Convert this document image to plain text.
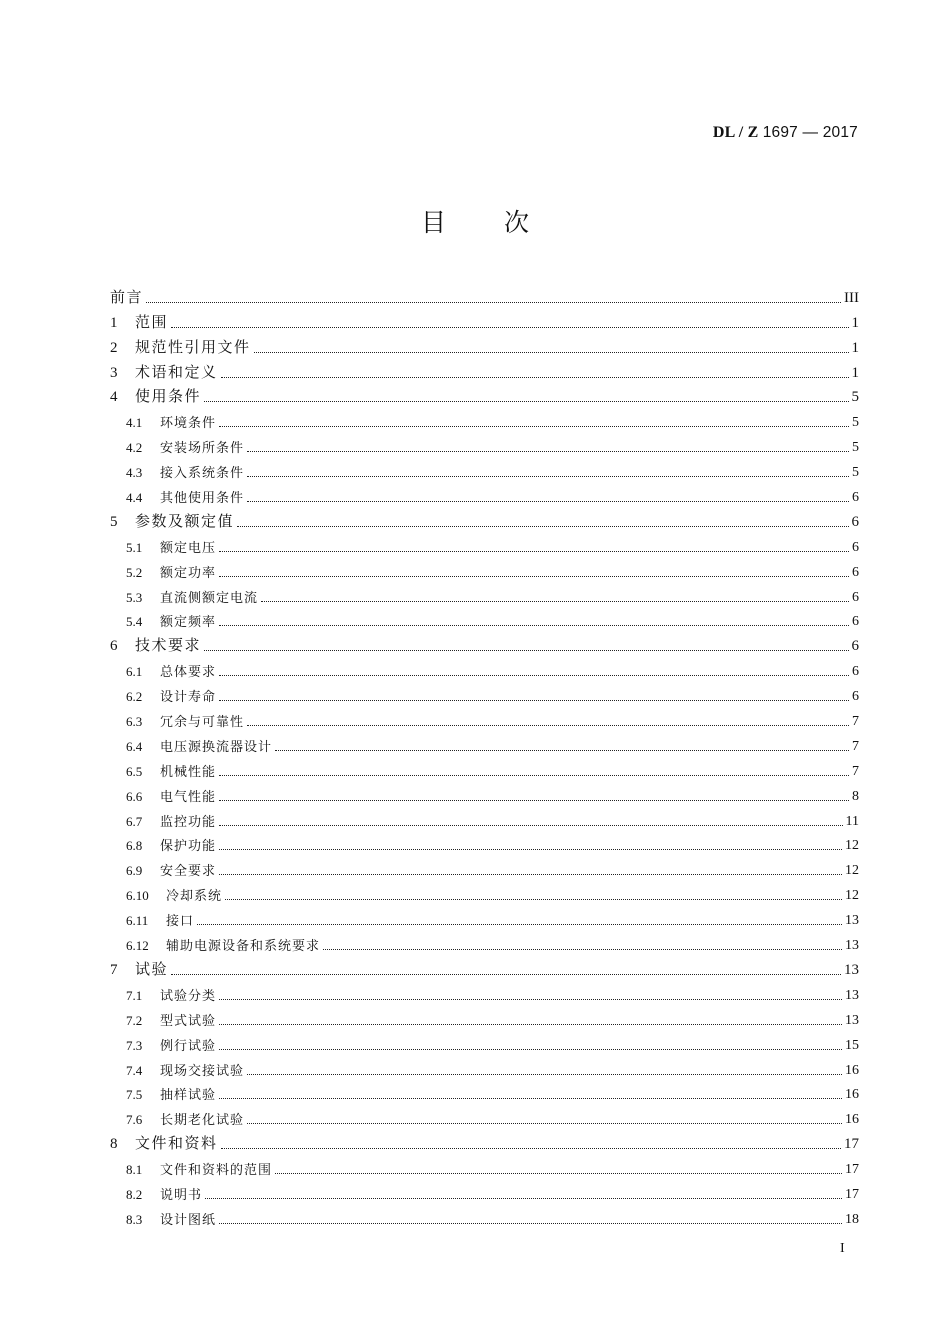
DL / Z 1697 — 2017
目 次
前言	III
1	范围	1
2	规范性引用文件	1
3	术语和定义	1
4	使用条件	5
4.1	环境条件	5
4.2	安装场所条件	5
4.3	接入系统条件	5
4.4	其他使用条件	6
5	参数及额定值	6
5.1	额定电压	6
5.2	额定功率	6
5.3	直流侧额定电流	6
5.4	额定频率	6
6	技术要求	6
6.1	总体要求	6
6.2	设计寿命	6
6.3	冗余与可靠性	7
6.4	电压源换流器设计	7
6.5	机械性能	7
6.6	电气性能	8
6.7	监控功能	11
6.8	保护功能	12
6.9	安全要求	12
6.10	冷却系统	12
6.11	接口	13
6.12	辅助电源设备和系统要求	13
7	试验	13
7.1	试验分类	13
7.2	型式试验	13
7.3	例行试验	15
7.4	现场交接试验	16
7.5	抽样试验	16
7.6	长期老化试验	16
8	文件和资料	17
8.1	文件和资料的范围	17
8.2	说明书	17
8.3	设计图纸	18
I
